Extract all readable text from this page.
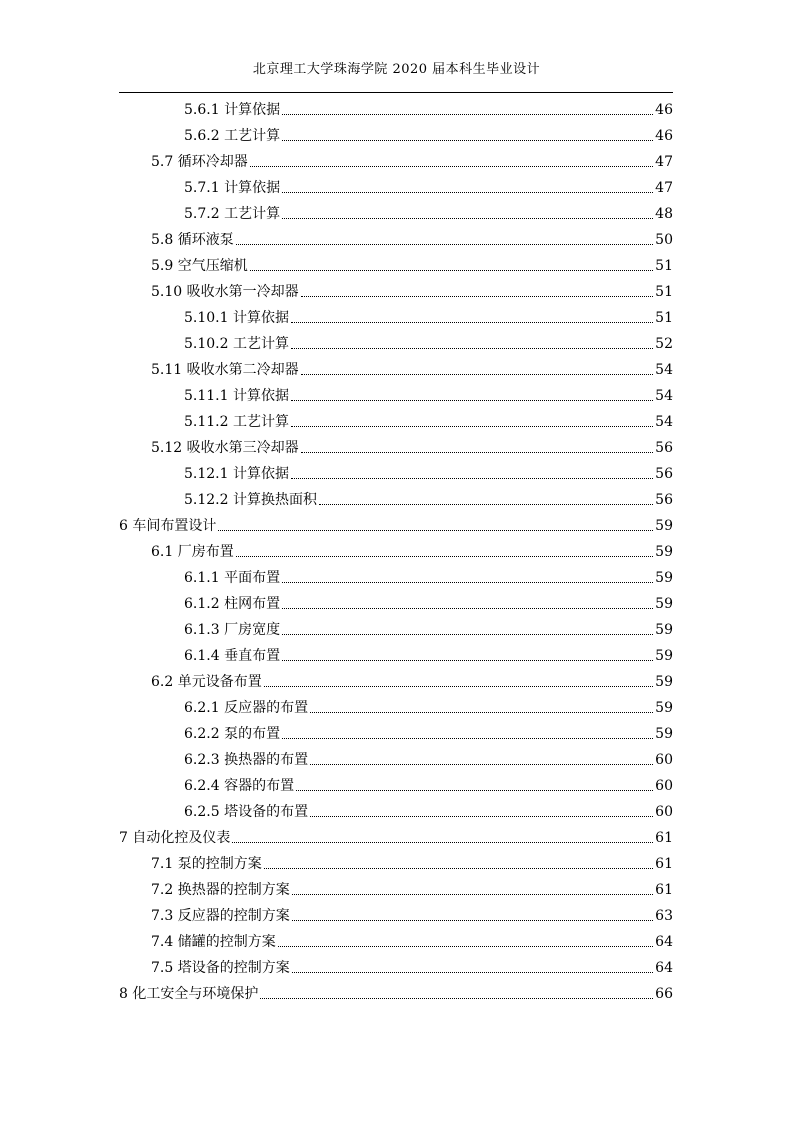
北京理工大学珠海学院 2020 届本科生毕业设计
5.6.1 计算依据	46
5.6.2 工艺计算	46
5.7 循环冷却器	47
5.7.1 计算依据	47
5.7.2 工艺计算	48
5.8 循环液泵	50
5.9 空气压缩机	51
5.10 吸收水第一冷却器	51
5.10.1 计算依据	51
5.10.2 工艺计算	52
5.11 吸收水第二冷却器	54
5.11.1 计算依据	54
5.11.2 工艺计算	54
5.12 吸收水第三冷却器	56
5.12.1 计算依据	56
5.12.2 计算换热面积	56
6 车间布置设计	59
6.1 厂房布置	59
6.1.1 平面布置	59
6.1.2 柱网布置	59
6.1.3 厂房宽度	59
6.1.4 垂直布置	59
6.2 单元设备布置	59
6.2.1 反应器的布置	59
6.2.2 泵的布置	59
6.2.3 换热器的布置	60
6.2.4 容器的布置	60
6.2.5 塔设备的布置	60
7 自动化控及仪表	61
7.1 泵的控制方案	61
7.2 换热器的控制方案	61
7.3 反应器的控制方案	63
7.4 储罐的控制方案	64
7.5 塔设备的控制方案	64
8 化工安全与环境保护	66
